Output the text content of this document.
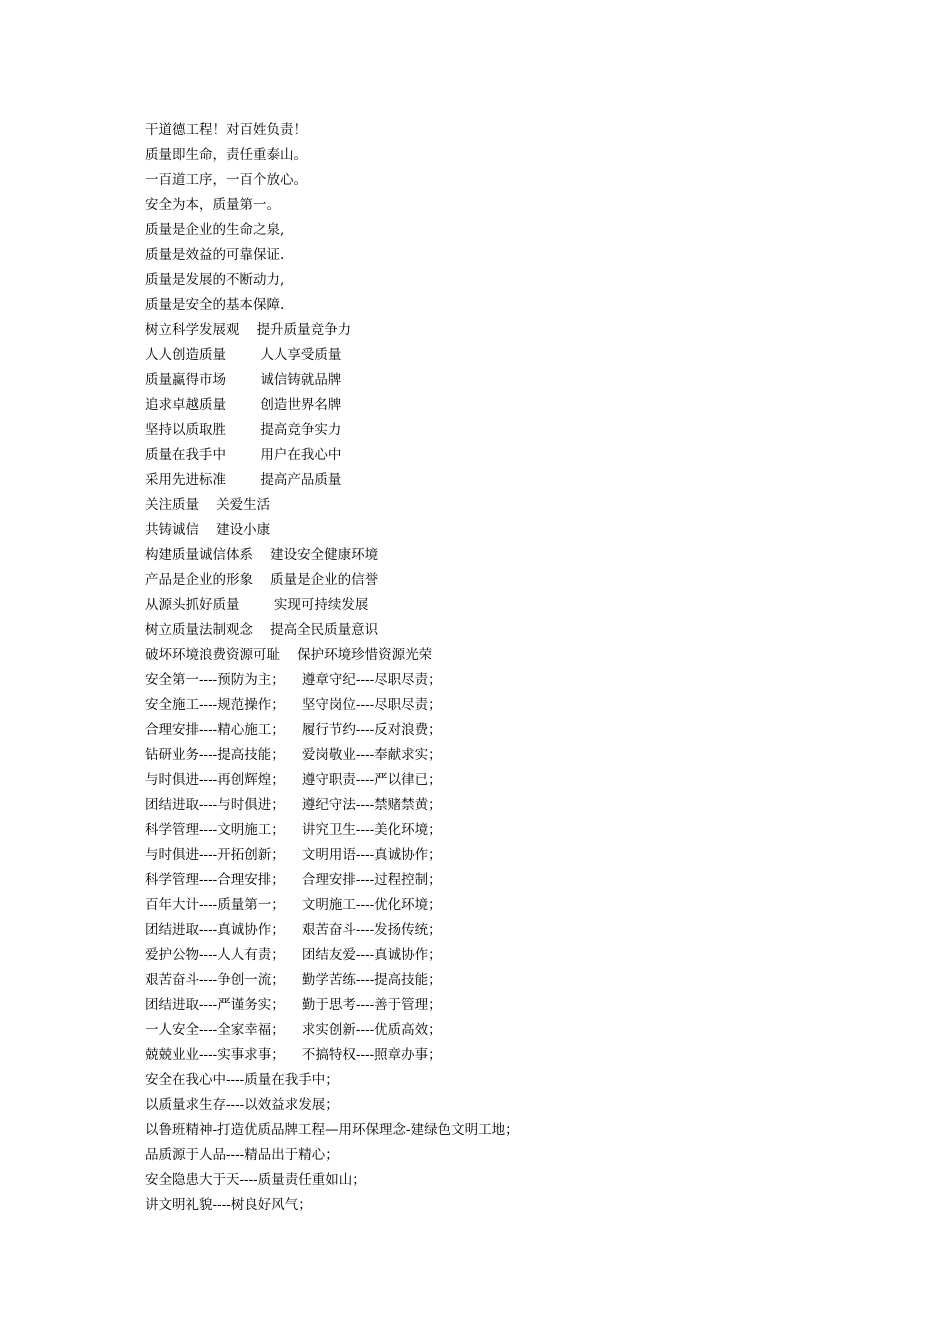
干道德工程！对百姓负责！
质量即生命，责任重泰山。
一百道工序，一百个放心。
安全为本，质量第一。
质量是企业的生命之泉,
质量是效益的可靠保证.
质量是发展的不断动力,
质量是安全的基本保障.
树立科学发展观    提升质量竞争力
人人创造质量        人人享受质量
质量赢得市场        诚信铸就品牌
追求卓越质量        创造世界名牌
坚持以质取胜        提高竞争实力
质量在我手中        用户在我心中
采用先进标准        提高产品质量
关注质量    关爱生活
共铸诚信    建设小康
构建质量诚信体系    建设安全健康环境
产品是企业的形象    质量是企业的信誉
从源头抓好质量        实现可持续发展
树立质量法制观念    提高全民质量意识
破坏环境浪费资源可耻    保护环境珍惜资源光荣
安全第一----预防为主；    遵章守纪----尽职尽责；
安全施工----规范操作；    坚守岗位----尽职尽责；
合理安排----精心施工；    履行节约----反对浪费；
钻研业务----提高技能；    爱岗敬业----奉献求实；
与时俱进----再创辉煌；    遵守职责----严以律已；
团结进取----与时俱进；    遵纪守法----禁赌禁黄；
科学管理----文明施工；    讲究卫生----美化环境；
与时俱进----开拓创新；    文明用语----真诚协作；
科学管理----合理安排；    合理安排----过程控制；
百年大计----质量第一；    文明施工----优化环境；
团结进取----真诚协作；    艰苦奋斗----发扬传统；
爱护公物----人人有责；    团结友爱----真诚协作；
艰苦奋斗----争创一流；    勤学苦练----提高技能；
团结进取----严谨务实；    勤于思考----善于管理；
一人安全----全家幸福；    求实创新----优质高效；
兢兢业业----实事求事；    不搞特权----照章办事；
安全在我心中----质量在我手中；
以质量求生存----以效益求发展；
以鲁班精神-打造优质品牌工程—用环保理念-建绿色文明工地；
品质源于人品----精品出于精心；
安全隐患大于天----质量责任重如山；
讲文明礼貌----树良好风气；
